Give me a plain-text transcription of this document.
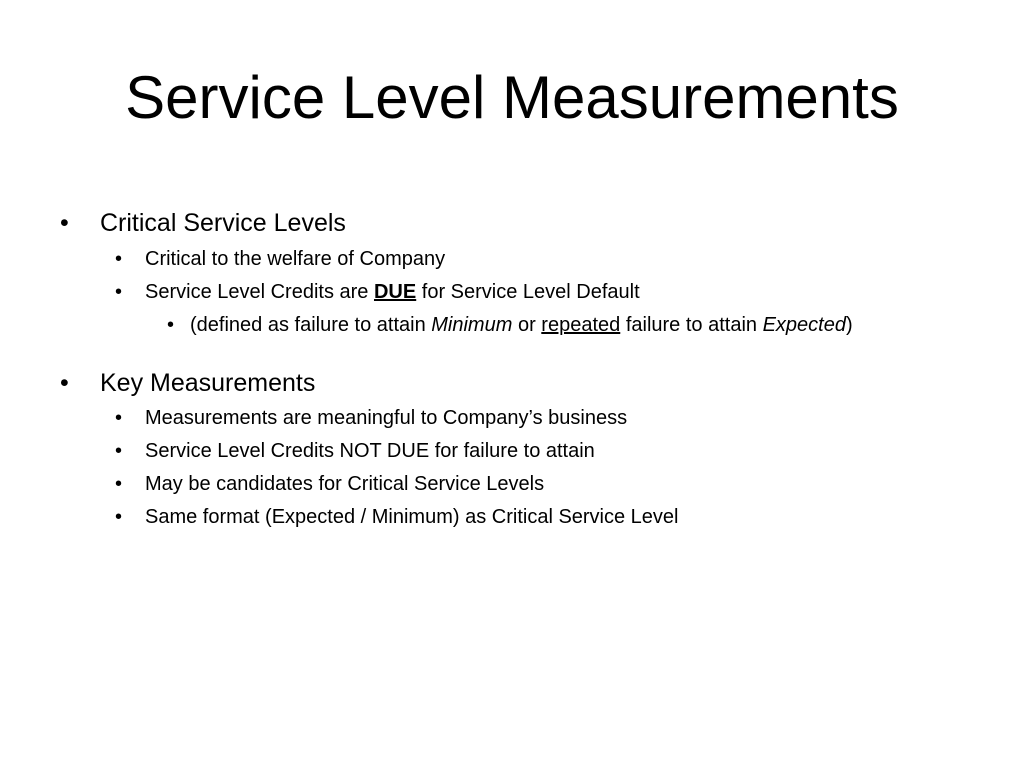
Service Level Measurements
• Critical Service Levels
• Critical to the welfare of Company
• Service Level Credits are DUE for Service Level Default
• (defined as failure to attain Minimum or repeated failure to attain Expected)
• Key Measurements
• Measurements are meaningful to Company’s business
• Service Level Credits NOT DUE for failure to attain
• May be candidates for Critical Service Levels
• Same format (Expected / Minimum) as Critical Service Level
